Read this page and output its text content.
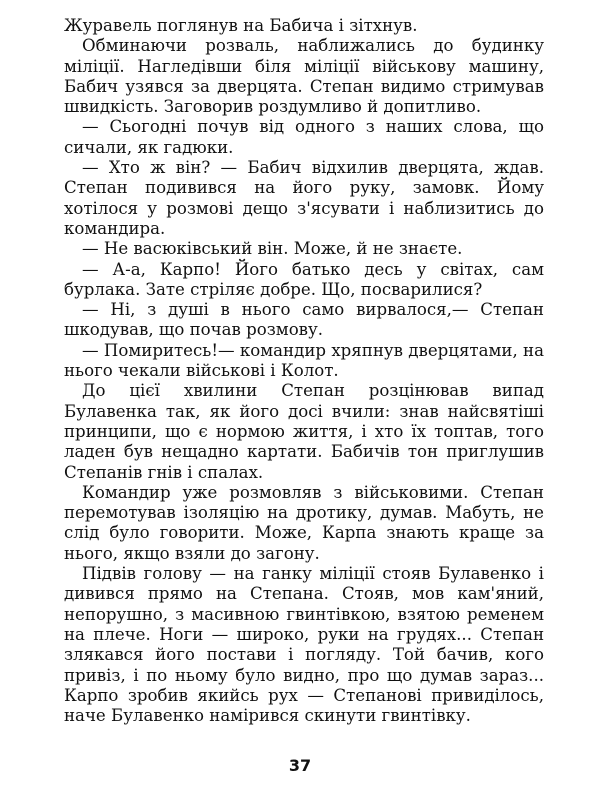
Журавель поглянув на Бабича і зітхнув.

Обминаючи розваль, наближались до будинку міліції. Нагледівши біля міліції військову машину, Бабич узявся за дверцята. Степан видимо стримував швидкість. Заговорив роздумливо й допитливо.

— Сьогодні почув від одного з наших слова, що сичали, як гадюки.

— Хто ж він? — Бабич відхилив дверцята, ждав. Степан подивився на його руку, замовк. Йому хотілося у розмові дещо з'ясувати і наблизитись до командира.

— Не васюківський він. Може, й не знаєте.

— А-а, Карпо! Його батько десь у світах, сам бурлака. Зате стріляє добре. Що, посварилися?

— Ні, з душі в нього само вирвалося,— Степан шкодував, що почав розмову.

— Помиритесь!— командир хряпнув дверцятами, на нього чекали військові і Колот.

До цієї хвилини Степан розцінював випад Булавенка так, як його досі вчили: знав найсвятіші принципи, що є нормою життя, і хто їх топтав, того ладен був нещадно картати. Бабичів тон приглушив Степанів гнів і спалах.

Командир уже розмовляв з військовими. Степан перемотував ізоляцію на дротику, думав. Мабуть, не слід було говорити. Може, Карпа знають краще за нього, якщо взяли до загону.

Підвів голову — на ганку міліції стояв Булавенко і дивився прямо на Степана. Стояв, мов кам'яний, непорушно, з масивною гвинтівкою, взятою ременем на плече. Ноги — широко, руки на грудях... Степан злякався його постави і погляду. Той бачив, кого привіз, і по ньому було видно, про що думав зараз... Карпо зробив якийсь рух — Степанові привиділось, наче Булавенко намірився скинути гвинтівку.

37
